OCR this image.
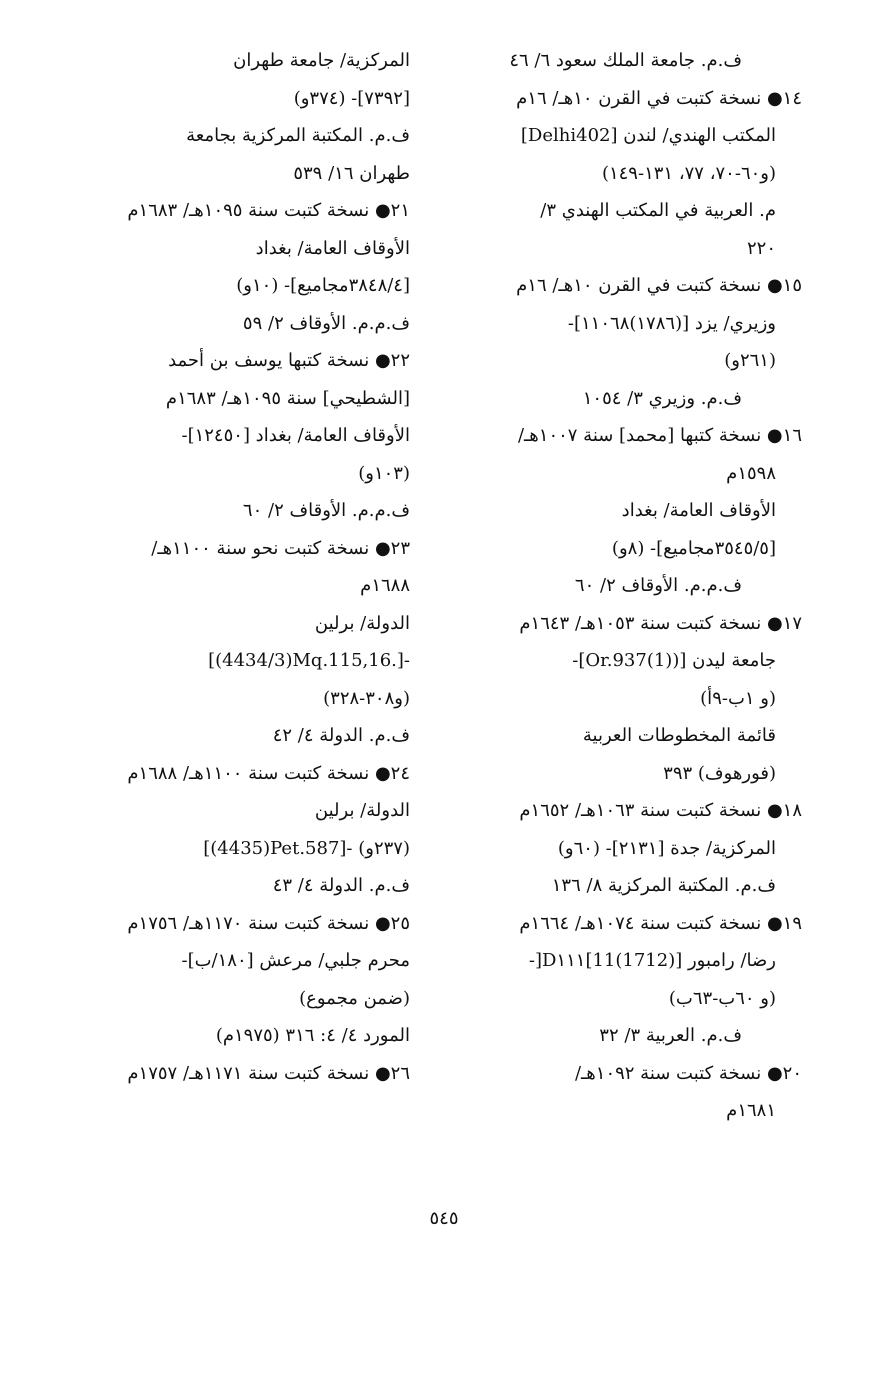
ف.م. جامعة الملك سعود ٦/ ٤٦
١٤● نسخة كتبت في القرن ١٠هـ/ ١٦م
المكتب الهندي/ لندن [Delhi402]
(و٦٠-٧٠، ٧٧، ١٣١-١٤٩)
م. العربية في المكتب الهندي ٣/
٢٢٠
١٥● نسخة كتبت في القرن ١٠هـ/ ١٦م
وزيري/ يزد [(١٧٨٦)١١٠٦٨]-
(٢٦١و)
ف.م. وزيري ٣/ ١٠٥٤
١٦● نسخة كتبها [محمد] سنة ١٠٠٧هـ/
١٥٩٨م
الأوقاف العامة/ بغداد
[٣٥٤٥/٥مجاميع]- (٨و)
ف.م.م. الأوقاف ٢/ ٦٠
١٧● نسخة كتبت سنة ١٠٥٣هـ/ ١٦٤٣م
جامعة ليدن [(Or.937(1)]-
(و ١ب-٩أ)
قائمة المخطوطات العربية
(فورهوف) ٣٩٣
١٨● نسخة كتبت سنة ١٠٦٣هـ/ ١٦٥٢م
المركزية/ جدة [٢١٣١]- (٦٠و)
ف.م. المكتبة المركزية ٨/ ١٣٦
١٩● نسخة كتبت سنة ١٠٧٤هـ/ ١٦٦٤م
رضا/ رامبور [(1712)11]D١١١[-
(و ٦٠ب-٦٣ب)
ف.م. العربية ٣/ ٣٢
٢٠● نسخة كتبت سنة ١٠٩٢هـ/
١٦٨١م
المركزية/ جامعة طهران
[٧٣٩٢]- (٣٧٤و)
ف.م. المكتبة المركزية بجامعة
طهران ١٦/ ٥٣٩
٢١● نسخة كتبت سنة ١٠٩٥هـ/ ١٦٨٣م
الأوقاف العامة/ بغداد
[٣٨٤٨/٤مجاميع]- (١٠و)
ف.م.م. الأوقاف ٢/ ٥٩
٢٢● نسخة كتبها يوسف بن أحمد
[الشطيحي] سنة ١٠٩٥هـ/ ١٦٨٣م
الأوقاف العامة/ بغداد [١٢٤٥٠]-
(١٠٣و)
ف.م.م. الأوقاف ٢/ ٦٠
٢٣● نسخة كتبت نحو سنة ١١٠٠هـ/
١٦٨٨م
الدولة/ برلين
[(4434/3)Mq.115,16.]-
(و٣٠٨-٣٢٨)
ف.م. الدولة ٤/ ٤٢
٢٤● نسخة كتبت سنة ١١٠٠هـ/ ١٦٨٨م
الدولة/ برلين
[(4435)Pet.587]- (٢٣٧و)
ف.م. الدولة ٤/ ٤٣
٢٥● نسخة كتبت سنة ١١٧٠هـ/ ١٧٥٦م
محرم جلبي/ مرعش [١٨٠/ب]-
(ضمن مجموع)
المورد ٤/ ٤: ٣١٦ (١٩٧٥م)
٢٦● نسخة كتبت سنة ١١٧١هـ/ ١٧٥٧م
٥٤٥
